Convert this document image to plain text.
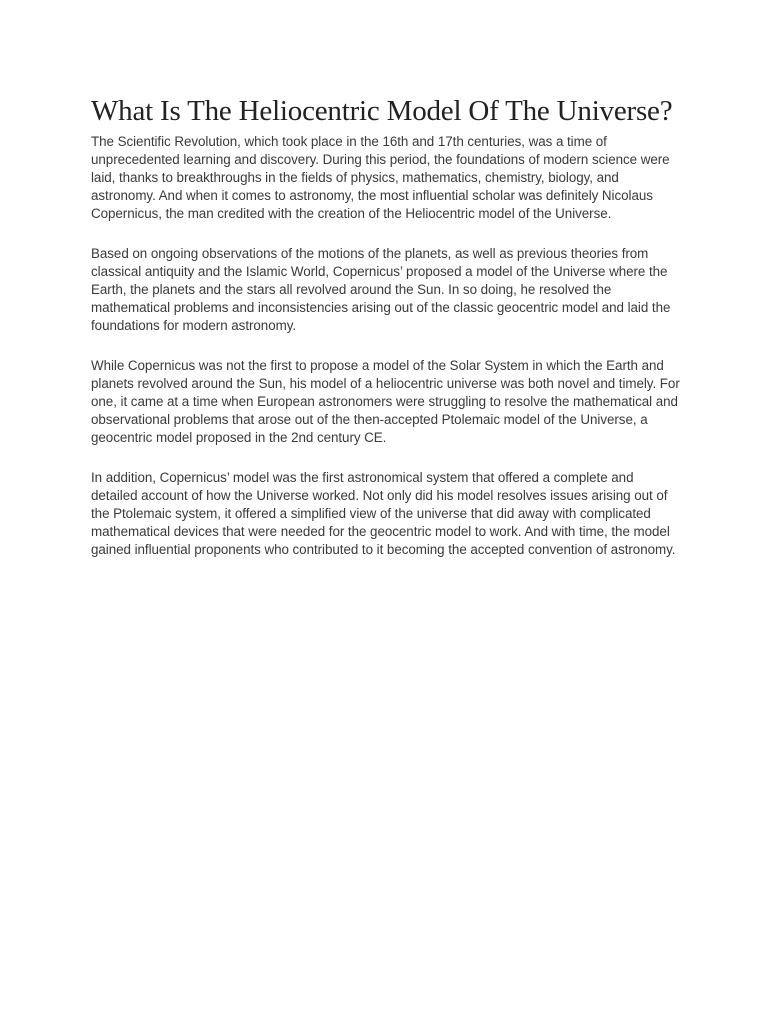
What Is The Heliocentric Model Of The Universe?

The Scientific Revolution, which took place in the 16th and 17th centuries, was a time of unprecedented learning and discovery. During this period, the foundations of modern science were laid, thanks to breakthroughs in the fields of physics, mathematics, chemistry, biology, and astronomy. And when it comes to astronomy, the most influential scholar was definitely Nicolaus Copernicus, the man credited with the creation of the Heliocentric model of the Universe.

Based on ongoing observations of the motions of the planets, as well as previous theories from classical antiquity and the Islamic World, Copernicus’ proposed a model of the Universe where the Earth, the planets and the stars all revolved around the Sun. In so doing, he resolved the mathematical problems and inconsistencies arising out of the classic geocentric model and laid the foundations for modern astronomy.

While Copernicus was not the first to propose a model of the Solar System in which the Earth and planets revolved around the Sun, his model of a heliocentric universe was both novel and timely. For one, it came at a time when European astronomers were struggling to resolve the mathematical and observational problems that arose out of the then-accepted Ptolemaic model of the Universe, a geocentric model proposed in the 2nd century CE.

In addition, Copernicus’ model was the first astronomical system that offered a complete and detailed account of how the Universe worked. Not only did his model resolves issues arising out of the Ptolemaic system, it offered a simplified view of the universe that did away with complicated mathematical devices that were needed for the geocentric model to work. And with time, the model gained influential proponents who contributed to it becoming the accepted convention of astronomy.
